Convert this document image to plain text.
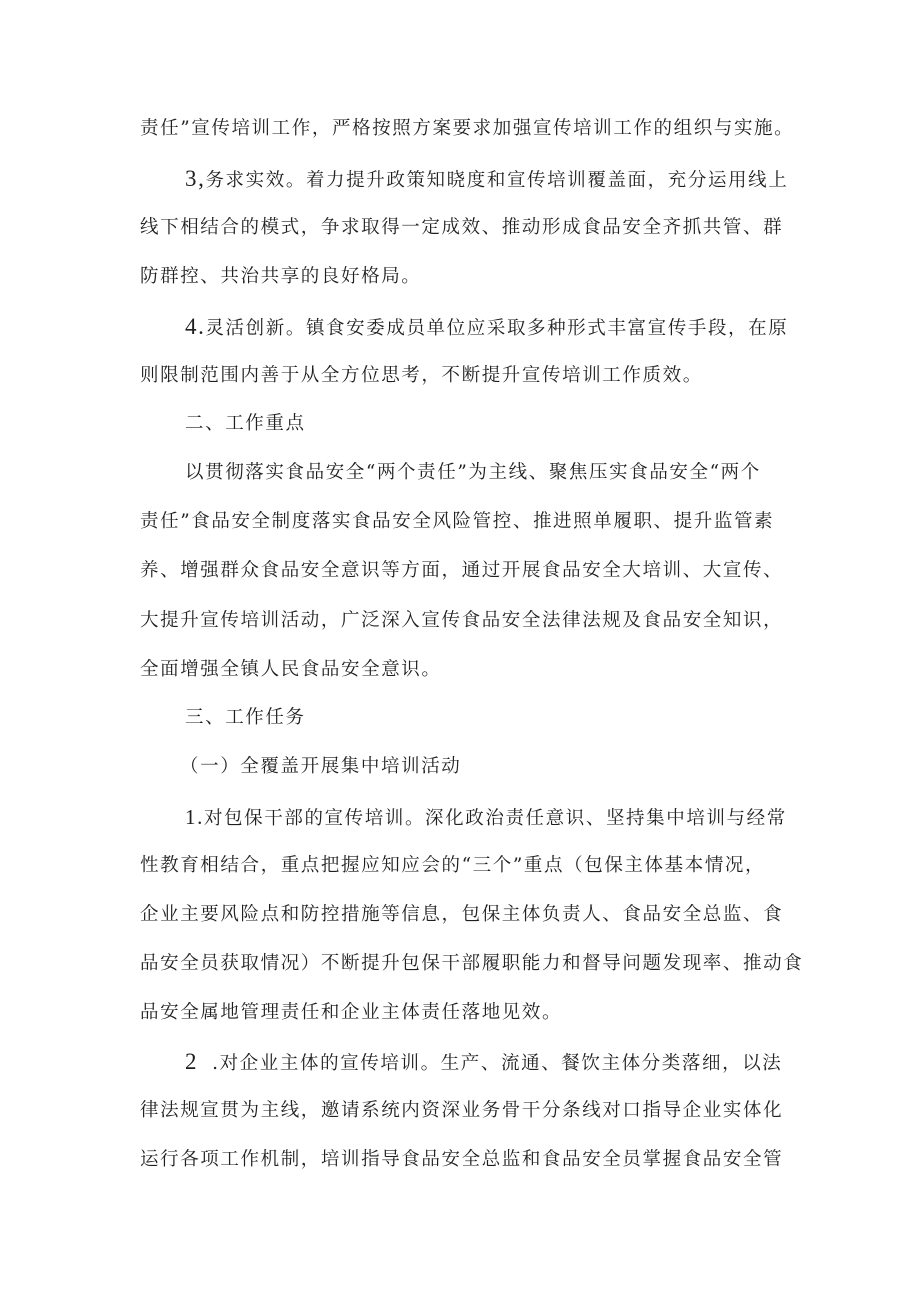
责任”宣传培训工作，严格按照方案要求加强宣传培训工作的组织与实施。
3,务求实效。着力提升政策知晓度和宣传培训覆盖面，充分运用线上
线下相结合的模式，争求取得一定成效、推动形成食品安全齐抓共管、群
防群控、共治共享的良好格局。
4.灵活创新。镇食安委成员单位应采取多种形式丰富宣传手段，在原
则限制范围内善于从全方位思考，不断提升宣传培训工作质效。
二、工作重点
以贯彻落实食品安全“两个责任”为主线、聚焦压实食品安全“两个
责任”食品安全制度落实食品安全风险管控、推进照单履职、提升监管素
养、增强群众食品安全意识等方面，通过开展食品安全大培训、大宣传、
大提升宣传培训活动，广泛深入宣传食品安全法律法规及食品安全知识，
全面增强全镇人民食品安全意识。
三、工作任务
（一）全覆盖开展集中培训活动
1.对包保干部的宣传培训。深化政治责任意识、坚持集中培训与经常
性教育相结合，重点把握应知应会的“三个”重点（包保主体基本情况，
企业主要风险点和防控措施等信息，包保主体负责人、食品安全总监、食
品安全员获取情况）不断提升包保干部履职能力和督导问题发现率、推动食
品安全属地管理责任和企业主体责任落地见效。
2 .对企业主体的宣传培训。生产、流通、餐饮主体分类落细，以法
律法规宣贯为主线，邀请系统内资深业务骨干分条线对口指导企业实体化
运行各项工作机制，培训指导食品安全总监和食品安全员掌握食品安全管
